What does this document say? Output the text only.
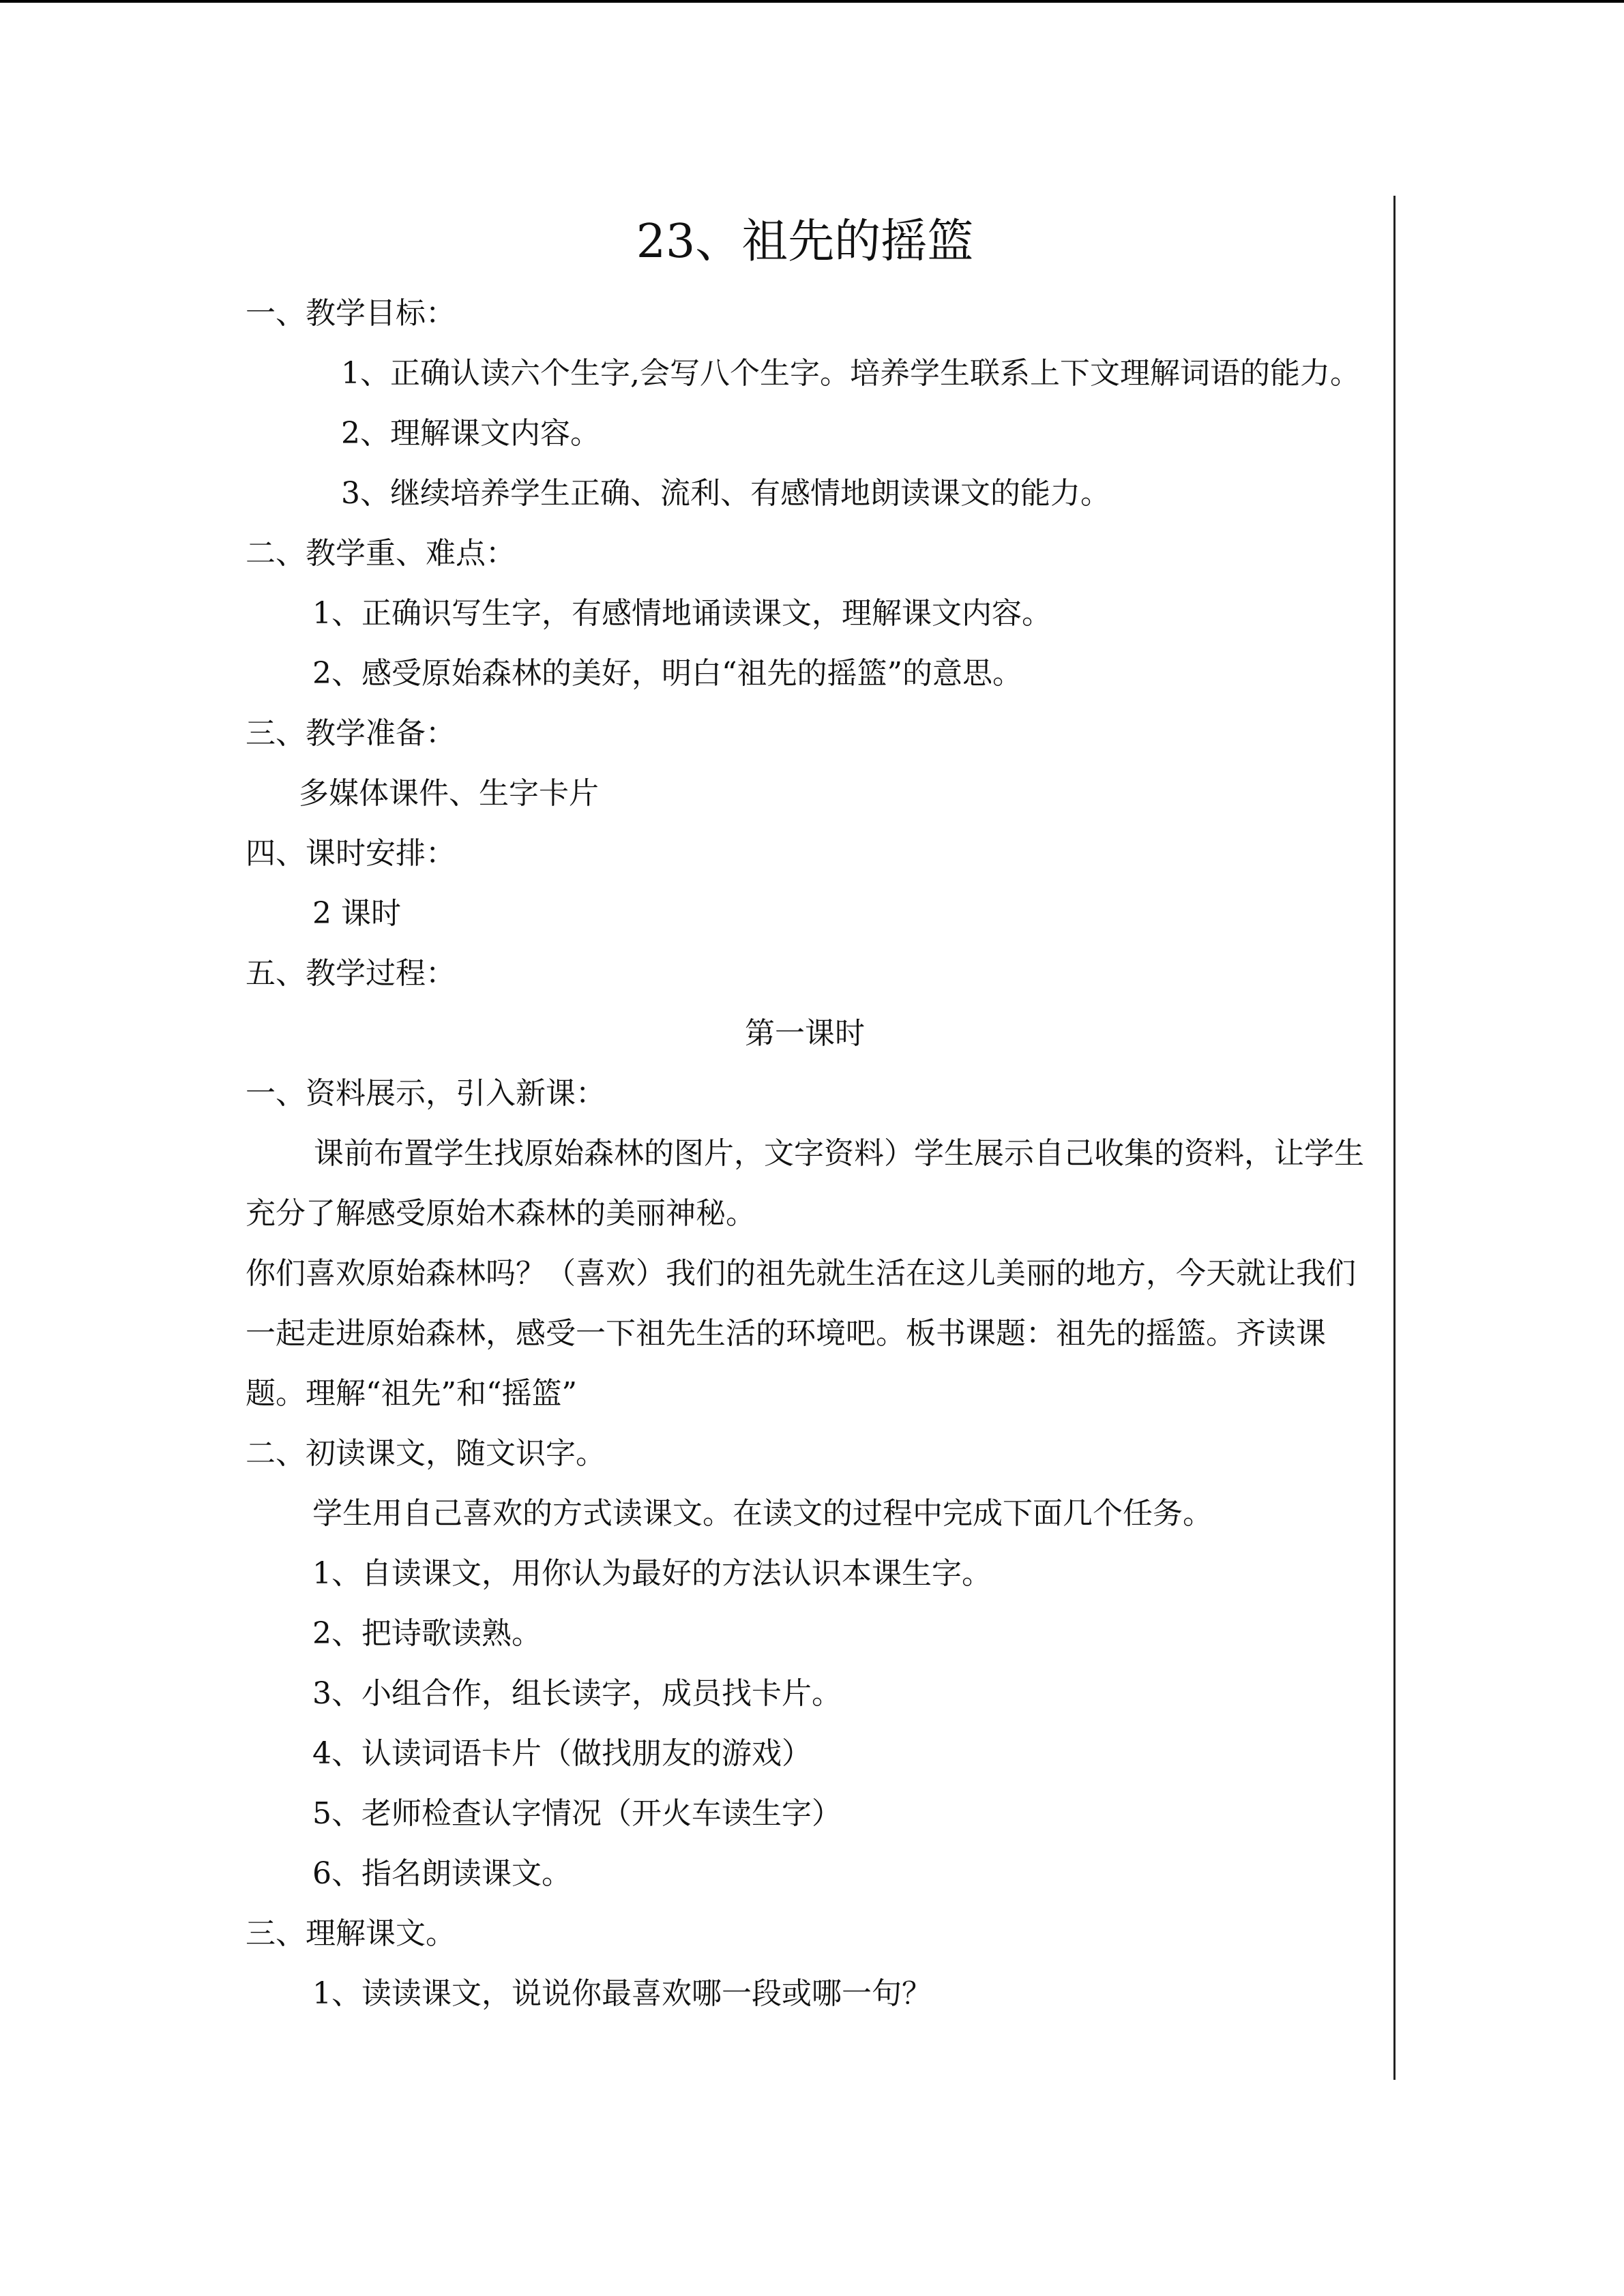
23、祖先的摇篮
一、教学目标：
1、正确认读六个生字,会写八个生字。培养学生联系上下文理解词语的能力。
2、理解课文内容。
3、继续培养学生正确、流利、有感情地朗读课文的能力。
二、教学重、难点：
1、正确识写生字，有感情地诵读课文，理解课文内容。
2、感受原始森林的美好，明白“祖先的摇篮”的意思。
三、教学准备：
多媒体课件、生字卡片
四、课时安排：
2 课时
五、教学过程：
第一课时
一、资料展示，引入新课：
课前布置学生找原始森林的图片，文字资料）学生展示自己收集的资料，让学生充分了解感受原始木森林的美丽神秘。
你们喜欢原始森林吗？（喜欢）我们的祖先就生活在这儿美丽的地方，今天就让我们一起走进原始森林，感受一下祖先生活的环境吧。板书课题：祖先的摇篮。齐读课题。理解“祖先”和“摇篮”
二、初读课文，随文识字。
学生用自己喜欢的方式读课文。在读文的过程中完成下面几个任务。
1、自读课文，用你认为最好的方法认识本课生字。
2、把诗歌读熟。
3、小组合作，组长读字，成员找卡片。
4、认读词语卡片（做找朋友的游戏）
5、老师检查认字情况（开火车读生字）
6、指名朗读课文。
三、理解课文。
1、读读课文，说说你最喜欢哪一段或哪一句？
